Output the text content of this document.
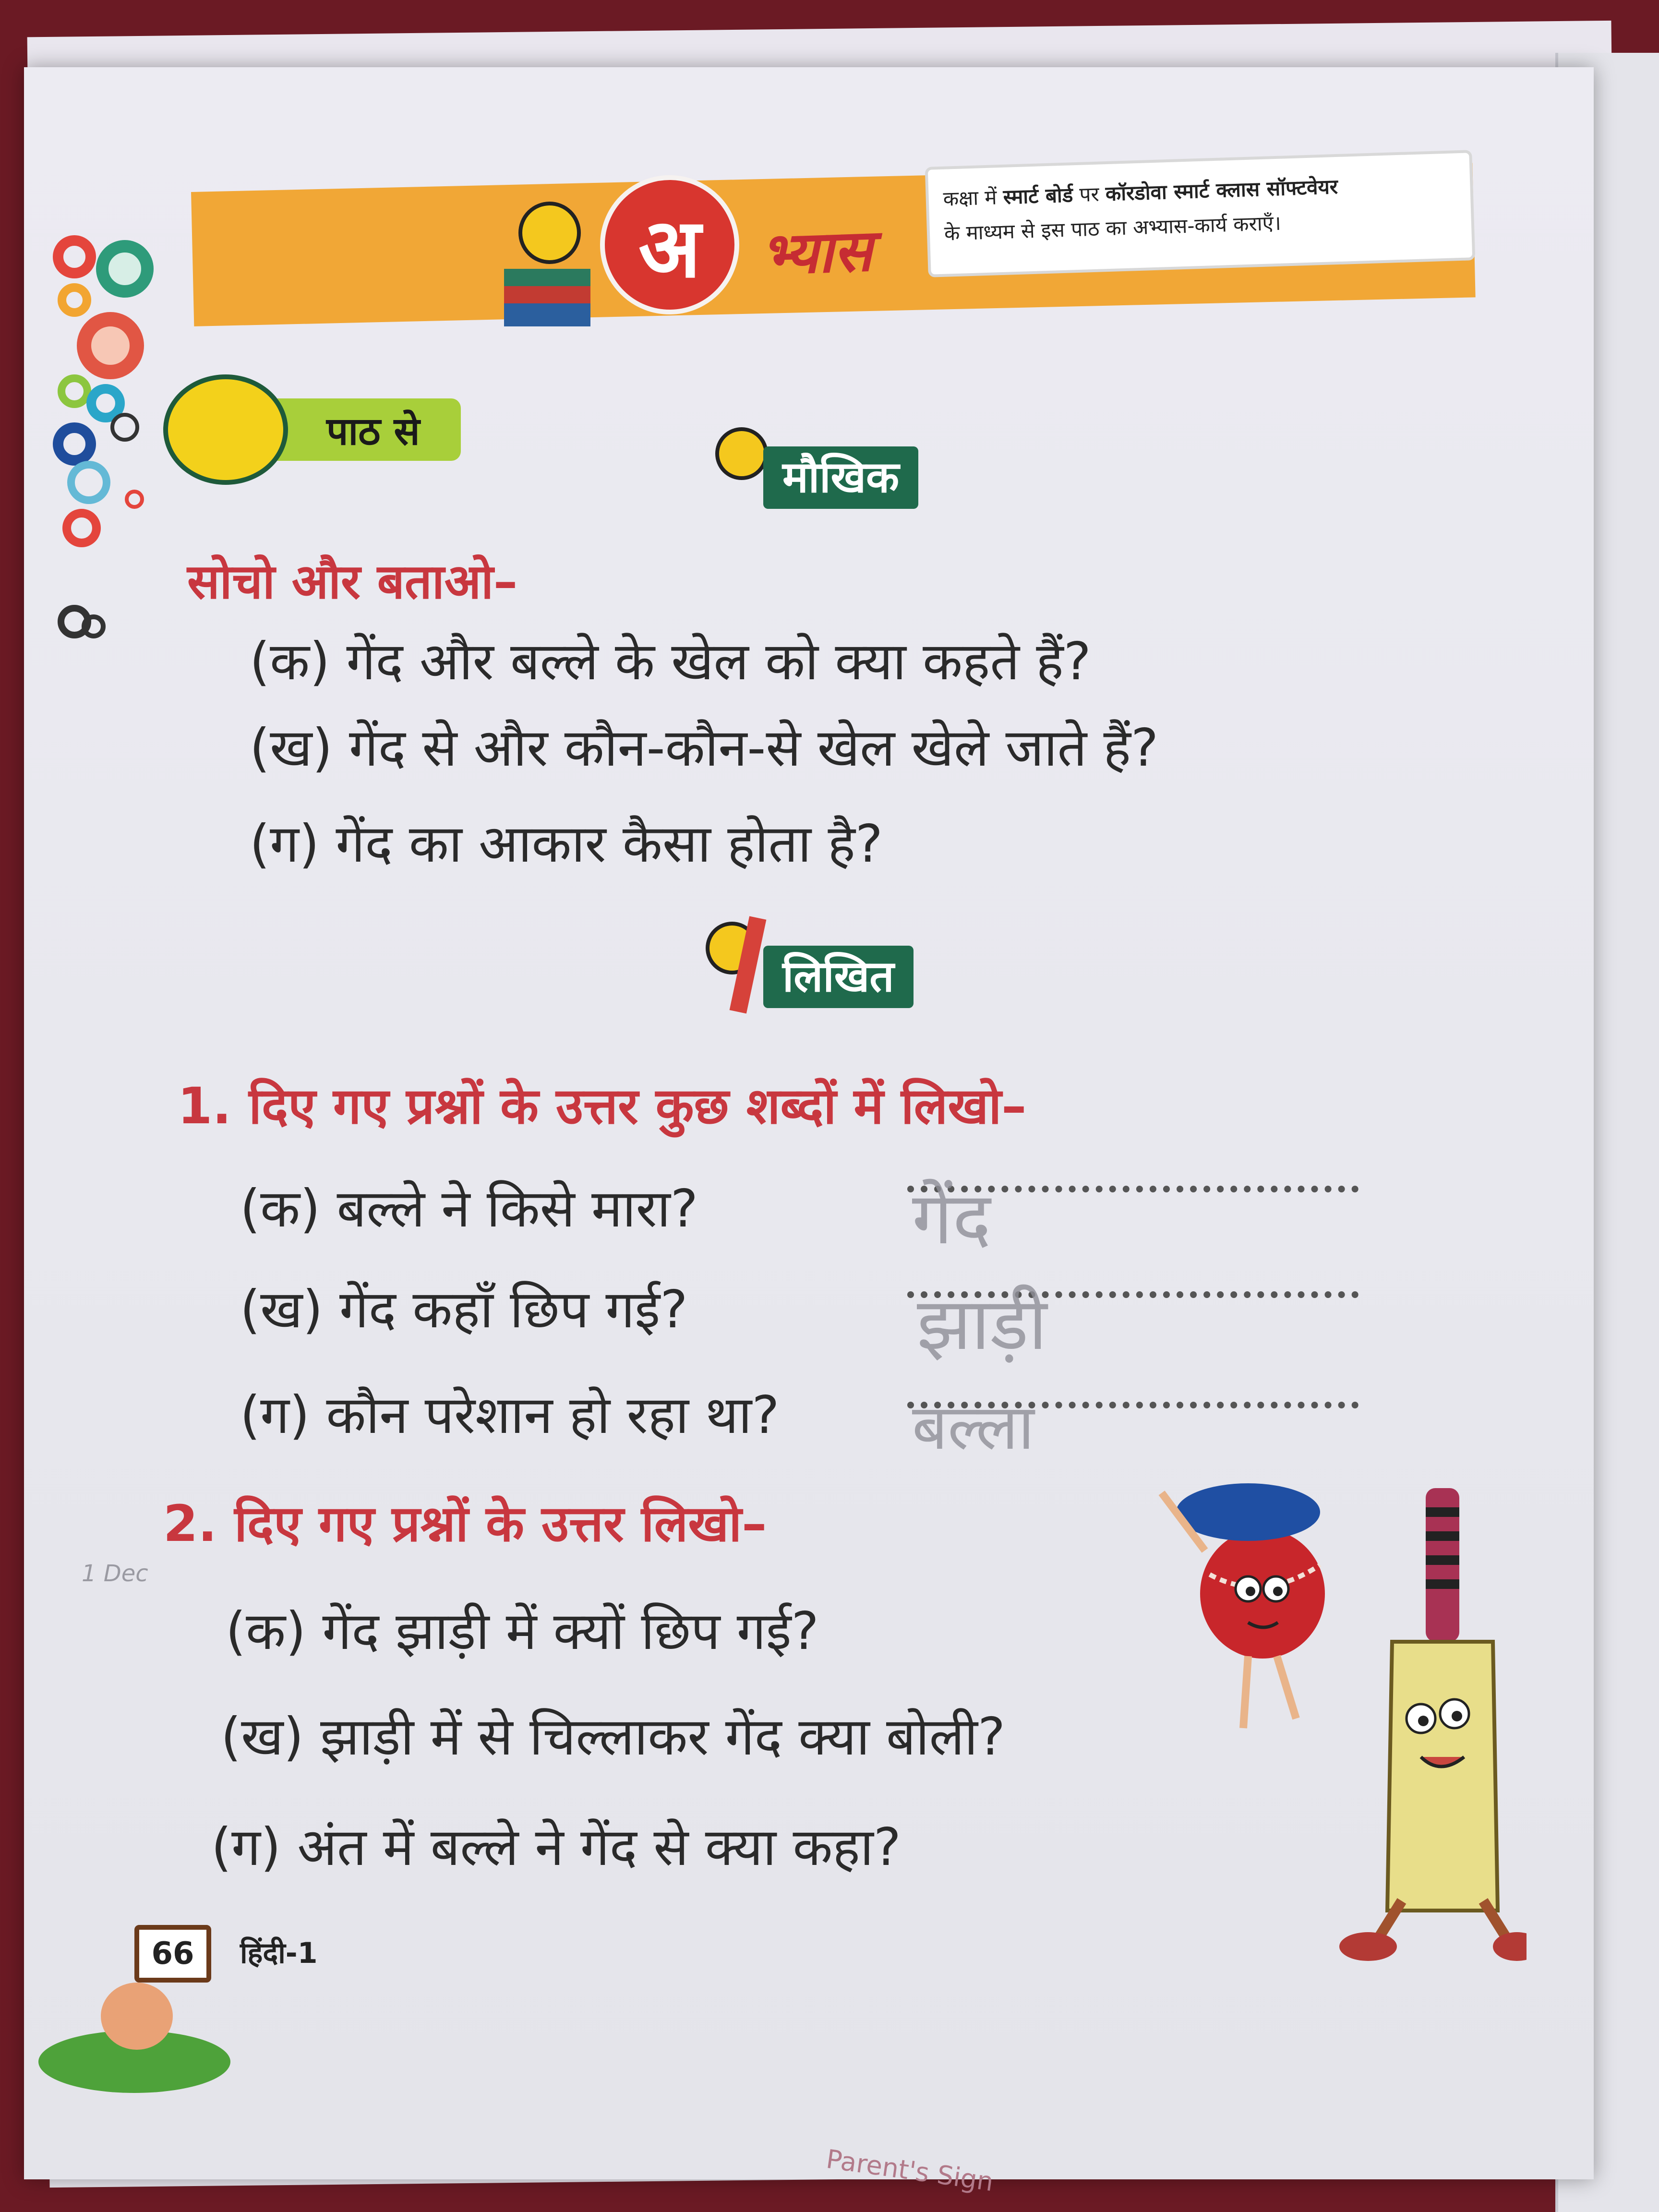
Parent's Sign
अ	भ्यास
कक्षा में स्मार्ट बोर्ड पर कॉरडोवा स्मार्ट क्लास सॉफ्टवेयर
के माध्यम से इस पाठ का अभ्यास-कार्य कराएँ।
पाठ से
मौखिक
सोचो और बताओ–
(क) गेंद और बल्ले के खेल को क्या कहते हैं?
(ख) गेंद से और कौन-कौन-से खेल खेले जाते हैं?
(ग) गेंद का आकार कैसा होता है?
लिखित
1. दिए गए प्रश्नों के उत्तर कुछ शब्दों में लिखो–
(क) बल्ले ने किसे मारा?
(ख) गेंद कहाँ छिप गई?
(ग) कौन परेशान हो रहा था?
गेंद
झाड़ी
बल्ला
1 Dec
2. दिए गए प्रश्नों के उत्तर लिखो–
(क) गेंद झाड़ी में क्यों छिप गई?
(ख) झाड़ी में से चिल्लाकर गेंद क्या बोली?
(ग) अंत में बल्ले ने गेंद से क्या कहा?
66	हिंदी-1
